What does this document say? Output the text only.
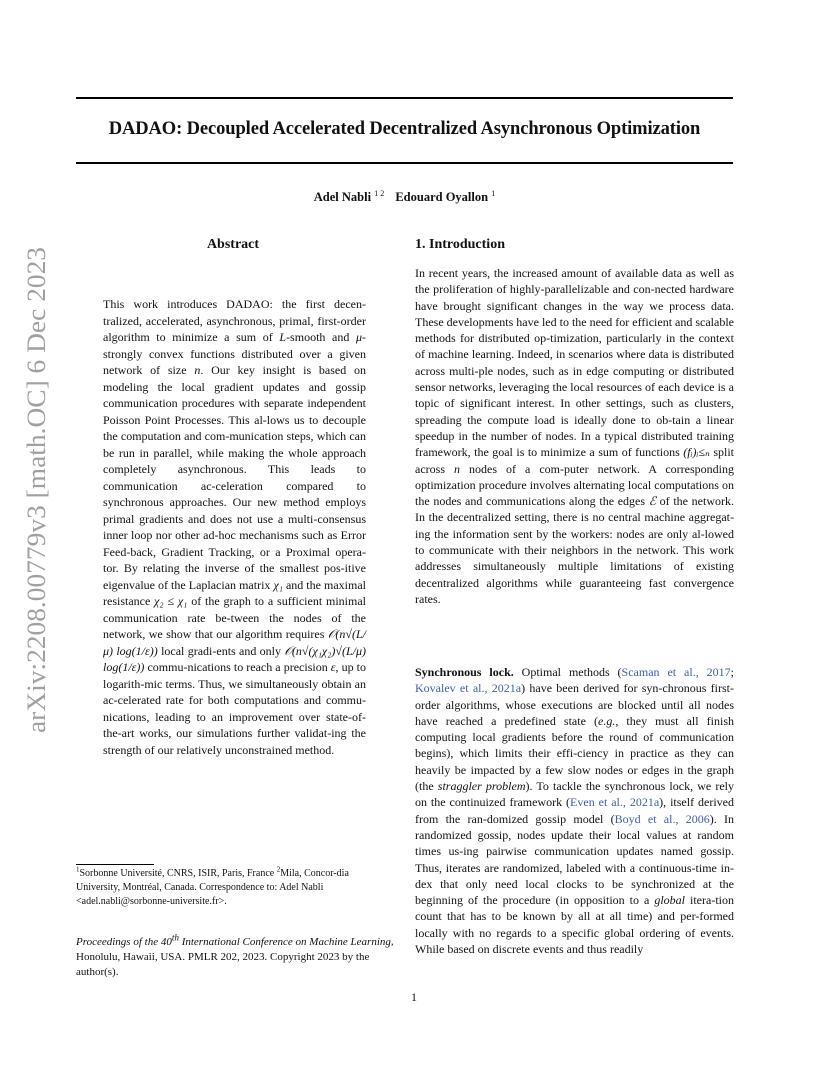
DADAO: Decoupled Accelerated Decentralized Asynchronous Optimization
Adel Nabli $^{1 2}$ Edouard Oyallon $^1$
arXiv:2208.00779v3 [math.OC] 6 Dec 2023
Abstract
This work introduces DADAO: the first decen-tralized, accelerated, asynchronous, primal, first-order algorithm to minimize a sum of L-smooth and μ-strongly convex functions distributed over a given network of size n. Our key insight is based on modeling the local gradient updates and gossip communication procedures with separate independent Poisson Point Processes. This al-lows us to decouple the computation and com-munication steps, which can be run in parallel, while making the whole approach completely asynchronous. This leads to communication ac-celeration compared to synchronous approaches. Our new method employs primal gradients and does not use a multi-consensus inner loop nor other ad-hoc mechanisms such as Error Feed-back, Gradient Tracking, or a Proximal opera-tor. By relating the inverse of the smallest pos-itive eigenvalue of the Laplacian matrix χ₁ and the maximal resistance χ₂ ≤ χ₁ of the graph to a sufficient minimal communication rate be-tween the nodes of the network, we show that our algorithm requires 𝒪(n√(L/μ) log(1/ε)) local gradi-ents and only 𝒪(n√(χ₁χ₂)√(L/μ) log(1/ε)) commu-nications to reach a precision ε, up to logarith-mic terms. Thus, we simultaneously obtain an ac-celerated rate for both computations and commu-nications, leading to an improvement over state-of-the-art works, our simulations further validat-ing the strength of our relatively unconstrained method.
$^1$Sorbonne Université, CNRS, ISIR, Paris, France $^2$Mila, Concor-dia University, Montréal, Canada. Correspondence to: Adel Nabli <adel.nabli@sorbonne-universite.fr>.
Proceedings of the 40th International Conference on Machine Learning, Honolulu, Hawaii, USA. PMLR 202, 2023. Copyright 2023 by the author(s).
1. Introduction
In recent years, the increased amount of available data as well as the proliferation of highly-parallelizable and con-nected hardware have brought significant changes in the way we process data. These developments have led to the need for efficient and scalable methods for distributed op-timization, particularly in the context of machine learning. Indeed, in scenarios where data is distributed across multi-ple nodes, such as in edge computing or distributed sensor networks, leveraging the local resources of each device is a topic of significant interest. In other settings, such as clusters, spreading the compute load is ideally done to ob-tain a linear speedup in the number of nodes. In a typical distributed training framework, the goal is to minimize a sum of functions (fᵢ)ᵢ≤ₙ split across n nodes of a com-puter network. A corresponding optimization procedure involves alternating local computations on the nodes and communications along the edges ℰ of the network. In the decentralized setting, there is no central machine aggregat-ing the information sent by the workers: nodes are only al-lowed to communicate with their neighbors in the network. This work addresses simultaneously multiple limitations of existing decentralized algorithms while guaranteeing fast convergence rates.
Synchronous lock. Optimal methods (Scaman et al., 2017; Kovalev et al., 2021a) have been derived for syn-chronous first-order algorithms, whose executions are blocked until all nodes have reached a predefined state (e.g., they must all finish computing local gradients before the round of communication begins), which limits their effi-ciency in practice as they can heavily be impacted by a few slow nodes or edges in the graph (the straggler problem). To tackle the synchronous lock, we rely on the continuized framework (Even et al., 2021a), itself derived from the ran-domized gossip model (Boyd et al., 2006). In randomized gossip, nodes update their local values at random times us-ing pairwise communication updates named gossip. Thus, iterates are randomized, labeled with a continuous-time in-dex that only need local clocks to be synchronized at the beginning of the procedure (in opposition to a global itera-tion count that has to be known by all at all time) and per-formed locally with no regards to a specific global ordering of events. While based on discrete events and thus readily
1
